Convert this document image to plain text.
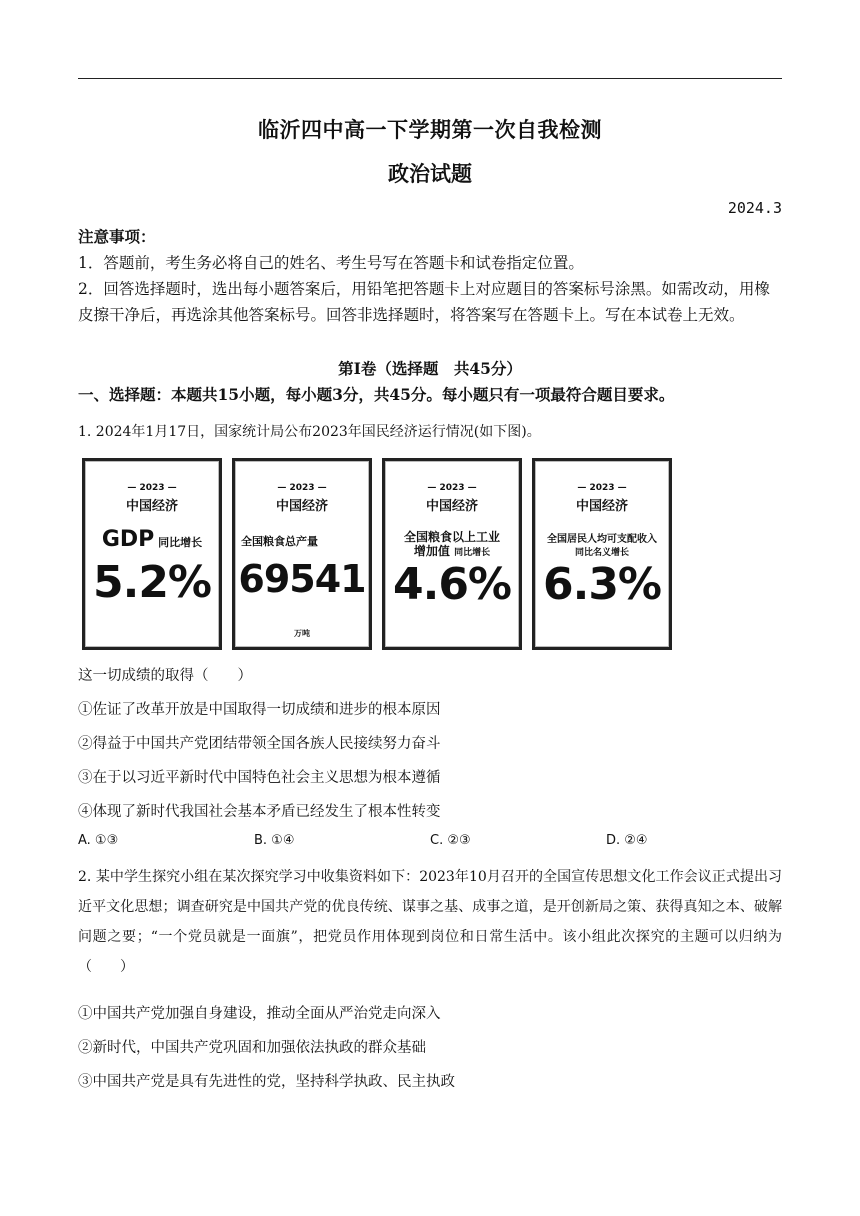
临沂四中高一下学期第一次自我检测
政治试题
2024.3

注意事项：

1．答题前，考生务必将自己的姓名、考生号写在答题卡和试卷指定位置。

2．回答选择题时，选出每小题答案后，用铅笔把答题卡上对应题目的答案标号涂黑。如需改动，用橡皮擦干净后，再选涂其他答案标号。回答非选择题时，将答案写在答题卡上。写在本试卷上无效。

第Ⅰ卷（选择题　共45分）
一、选择题：本题共15小题，每小题3分，共45分。每小题只有一项最符合题目要求。
1. 2024年1月17日，国家统计局公布2023年国民经济运行情况(如下图)。
— 2023 —
中国经济
GDP 同比增长
5.2%
— 2023 —
中国经济
全国粮食总产量
69541万吨
— 2023 —
中国经济
全国粮食以上工业
增加值 同比增长
4.6%
— 2023 —
中国经济
全国居民人均可支配收入
同比名义增长
6.3%
这一切成绩的取得（　　）
①佐证了改革开放是中国取得一切成绩和进步的根本原因
②得益于中国共产党团结带领全国各族人民接续努力奋斗
③在于以习近平新时代中国特色社会主义思想为根本遵循
④体现了新时代我国社会基本矛盾已经发生了根本性转变
A. ①③	B. ①④	C. ②③	D. ②④
2. 某中学生探究小组在某次探究学习中收集资料如下：2023年10月召开的全国宣传思想文化工作会议正式提出习近平文化思想；调查研究是中国共产党的优良传统、谋事之基、成事之道，是开创新局之策、获得真知之本、破解问题之要；“一个党员就是一面旗”，把党员作用体现到岗位和日常生活中。该小组此次探究的主题可以归纳为（　　）
①中国共产党加强自身建设，推动全面从严治党走向深入
②新时代，中国共产党巩固和加强依法执政的群众基础
③中国共产党是具有先进性的党，坚持科学执政、民主执政
